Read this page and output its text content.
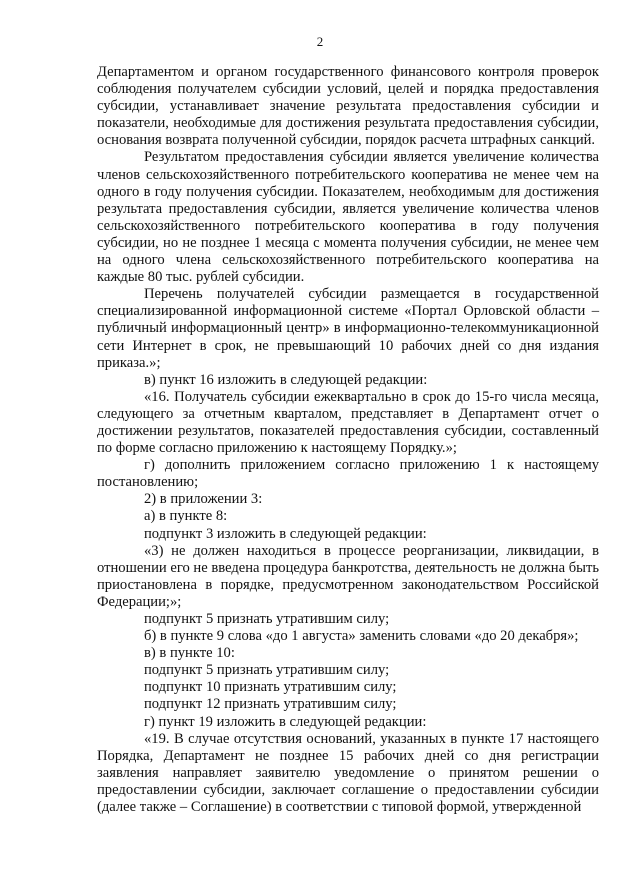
2

Департаментом и органом государственного финансового контроля проверок соблюдения получателем субсидии условий, целей и порядка предоставления субсидии, устанавливает значение результата предоставления субсидии и показатели, необходимые для достижения результата предоставления субсидии, основания возврата полученной субсидии, порядок расчета штрафных санкций.

Результатом предоставления субсидии является увеличение количества членов сельскохозяйственного потребительского кооператива не менее чем на одного в году получения субсидии. Показателем, необходимым для достижения результата предоставления субсидии, является увеличение количества членов сельскохозяйственного потребительского кооператива в году получения субсидии, но не позднее 1 месяца с момента получения субсидии, не менее чем на одного члена сельскохозяйственного потребительского кооператива на каждые 80 тыс. рублей субсидии.

Перечень получателей субсидии размещается в государственной специализированной информационной системе «Портал Орловской области – публичный информационный центр» в информационно-телекоммуникационной сети Интернет в срок, не превышающий 10 рабочих дней со дня издания приказа.»;

в) пункт 16 изложить в следующей редакции:

«16. Получатель субсидии ежеквартально в срок до 15-го числа месяца, следующего за отчетным кварталом, представляет в Департамент отчет о достижении результатов, показателей предоставления субсидии, составленный по форме согласно приложению к настоящему Порядку.»;

г) дополнить приложением согласно приложению 1 к настоящему постановлению;

2) в приложении 3:

а) в пункте 8:

подпункт 3 изложить в следующей редакции:

«3) не должен находиться в процессе реорганизации, ликвидации, в отношении его не введена процедура банкротства, деятельность не должна быть приостановлена в порядке, предусмотренном законодательством Российской Федерации;»;

подпункт 5 признать утратившим силу;

б) в пункте 9 слова «до 1 августа» заменить словами «до 20 декабря»;

в) в пункте 10:

подпункт 5 признать утратившим силу;

подпункт 10 признать утратившим силу;

подпункт 12 признать утратившим силу;

г) пункт 19 изложить в следующей редакции:

«19. В случае отсутствия оснований, указанных в пункте 17 настоящего Порядка, Департамент не позднее 15 рабочих дней со дня регистрации заявления направляет заявителю уведомление о принятом решении о предоставлении субсидии, заключает соглашение о предоставлении субсидии (далее также – Соглашение) в соответствии с типовой формой, утвержденной
